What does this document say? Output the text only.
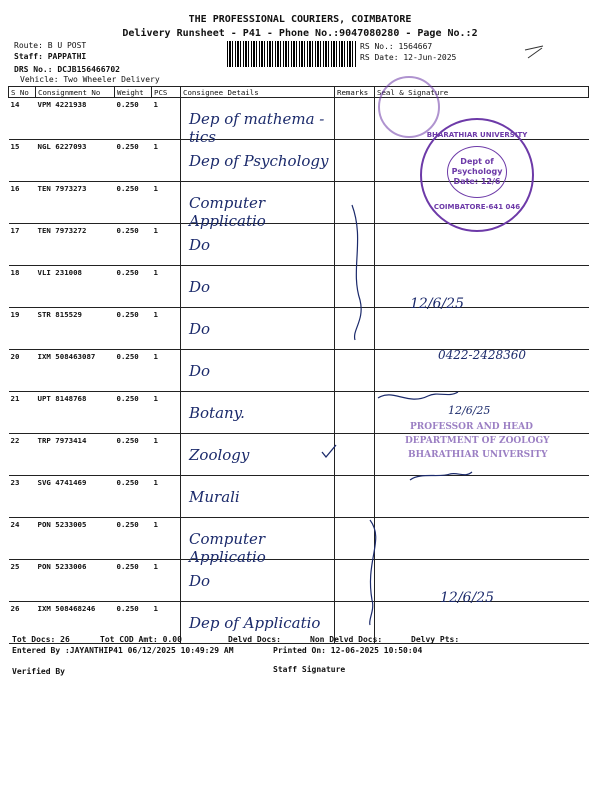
THE PROFESSIONAL COURIERS, COIMBATORE
Delivery Runsheet - P41 - Phone No.:9047080280 - Page No.:2
Route: B U POST
Staff: PAPPATHI
DRS No.: DCJB156466702
Vehicle: Two Wheeler Delivery
RS No.: 1564667
RS Date: 12-Jun-2025
S No	Consignment No	Weight	PCS	Consignee Details	Remarks	Seal & Signature
14	VPM 4221938	0.250	1	Dep of mathema -tics		

15	NGL 6227093	0.250	1	Dep of Psychology		

16	TEN 7973273	0.250	1	Computer Applicatio		

17	TEN 7973272	0.250	1	Do		

18	VLI 231008	0.250	1	Do		

19	STR 815529	0.250	1	Do		

20	IXM 508463087	0.250	1	Do		

21	UPT 8148768	0.250	1	Botany.		

22	TRP 7973414	0.250	1	Zoology		

23	SVG 4741469	0.250	1	Murali		

24	PON 5233005	0.250	1	Computer Applicatio		

25	PON 5233006	0.250	1	Do		

26	IXM 508468246	0.250	1	Dep of Applicatio		

BHARATHIAR UNIVERSITY
Dept of Psychology
Date: 12/6
COIMBATORE-641 046
PROFESSOR AND HEAD
DEPARTMENT OF ZOOLOGY
BHARATHIAR UNIVERSITY
12/6/25
0422-2428360
12/6/25
12/6/25
Tot Docs: 26	Tot COD Amt: 0.00	Delvd Docs:	Non Delvd Docs:	Delvy Pts:
Entered By :JAYANTHIP41 06/12/2025 10:49:29 AM	Printed On: 12-06-2025 10:50:04
Verified By	Staff Signature
